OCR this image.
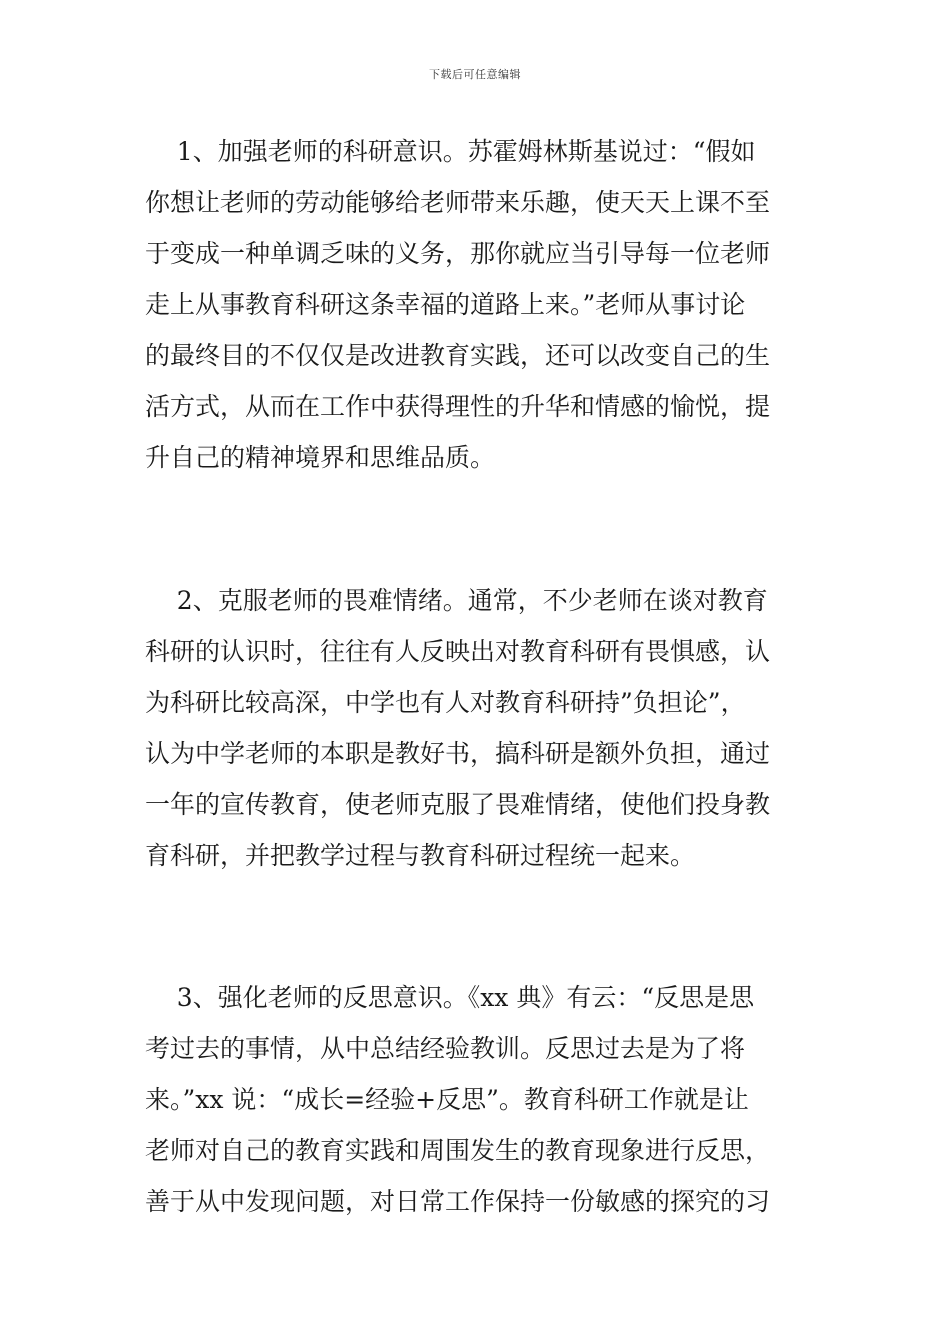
下载后可任意编辑
1、加强老师的科研意识。苏霍姆林斯基说过：“假如
你想让老师的劳动能够给老师带来乐趣，使天天上课不至
于变成一种单调乏味的义务，那你就应当引导每一位老师
走上从事教育科研这条幸福的道路上来。”老师从事讨论
的最终目的不仅仅是改进教育实践，还可以改变自己的生
活方式，从而在工作中获得理性的升华和情感的愉悦，提
升自己的精神境界和思维品质。
2、克服老师的畏难情绪。通常，不少老师在谈对教育
科研的认识时，往往有人反映出对教育科研有畏惧感，认
为科研比较高深，中学也有人对教育科研持”负担论”，
认为中学老师的本职是教好书，搞科研是额外负担，通过
一年的宣传教育，使老师克服了畏难情绪，使他们投身教
育科研，并把教学过程与教育科研过程统一起来。
3、强化老师的反思意识。《xx 典》有云：“反思是思
考过去的事情，从中总结经验教训。反思过去是为了将
来。”xx 说：“成长=经验+反思”。教育科研工作就是让
老师对自己的教育实践和周围发生的教育现象进行反思，
善于从中发现问题，对日常工作保持一份敏感的探究的习
